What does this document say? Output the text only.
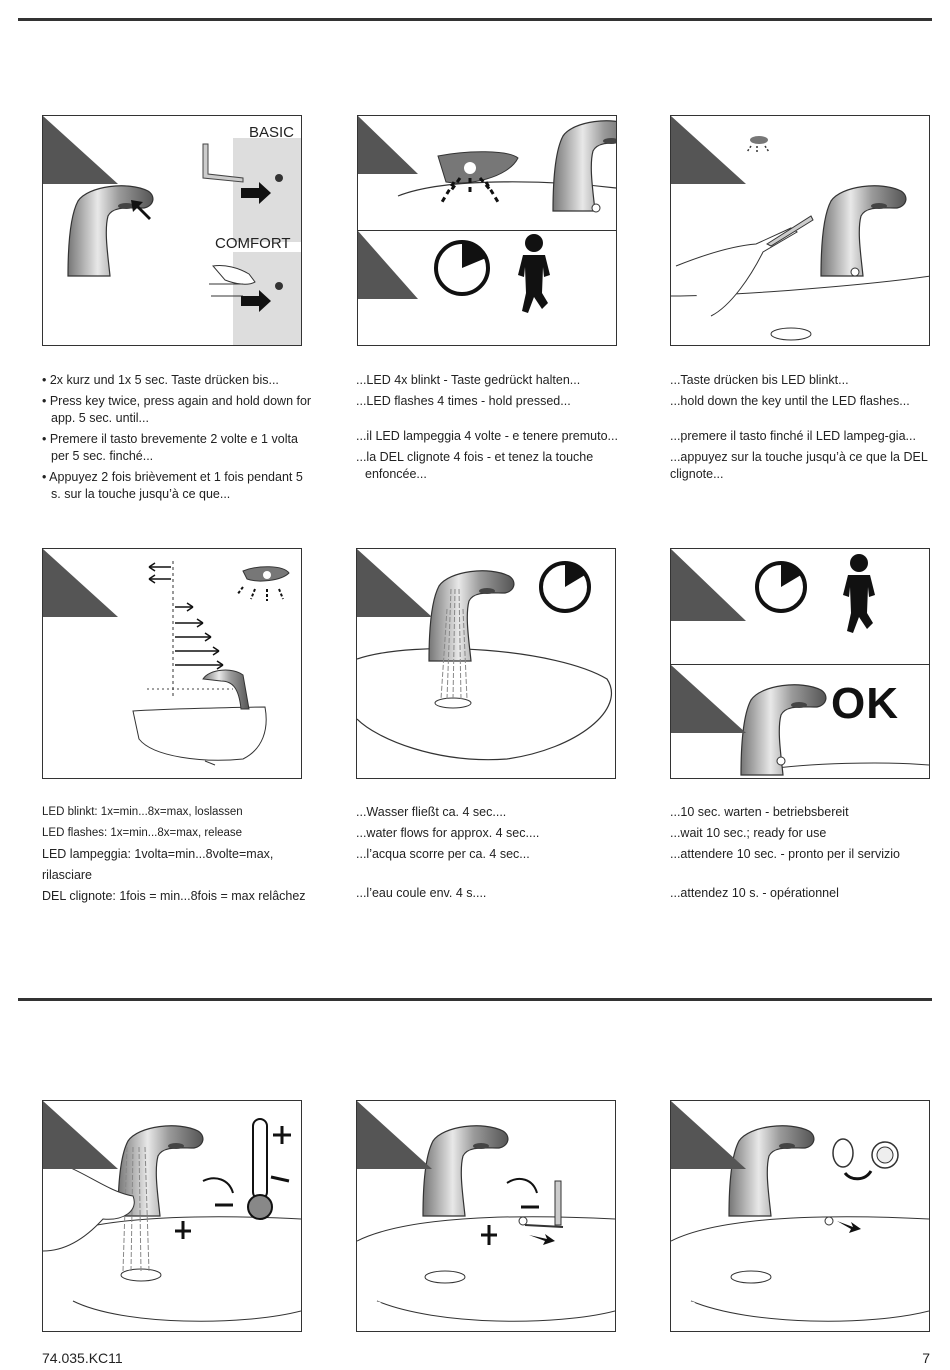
BASIC
COMFORT
1
2
3	4a
• 2x kurz und 1x 5 sec. Taste drücken bis...
• Press key twice, press again and hold down for app. 5 sec. until...
• Premere il tasto brevemente 2 volte e 1 volta per 5 sec. finché...
• Appuyez 2 fois brièvement et 1 fois pendant 5 s. sur la touche jusqu’à ce que...
...LED 4x blinkt - Taste gedrückt halten...
...LED flashes 4 times - hold pressed...
...il LED lampeggia 4 volte - e tenere premuto...
...la DEL clignote 4 fois - et tenez la touche enfoncée...
...Taste drücken bis LED blinkt...
...hold down the key until the LED flashes...
...premere il tasto finché il LED lampeg-gia...
...appuyez sur la touche jusqu’à ce que la DEL clignote...
4b	5
6
OK
7

LED blinkt: 1x=min...8x=max, loslassen

LED flashes: 1x=min...8x=max, release

LED lampeggia: 1volta=min...8volte=max,

rilasciare

DEL clignote: 1fois = min...8fois = max relâchez

...Wasser fließt ca. 4 sec....

...water flows for approx. 4 sec....

...l’acqua scorre per ca. 4 sec...

...l’eau coule env. 4 s....

...10 sec. warten - betriebsbereit

...wait 10 sec.; ready for use

...attendere 10 sec. - pronto per il servizio

...attendez 10 s. - opérationnel

1	2	3
74.035.KC11	7
